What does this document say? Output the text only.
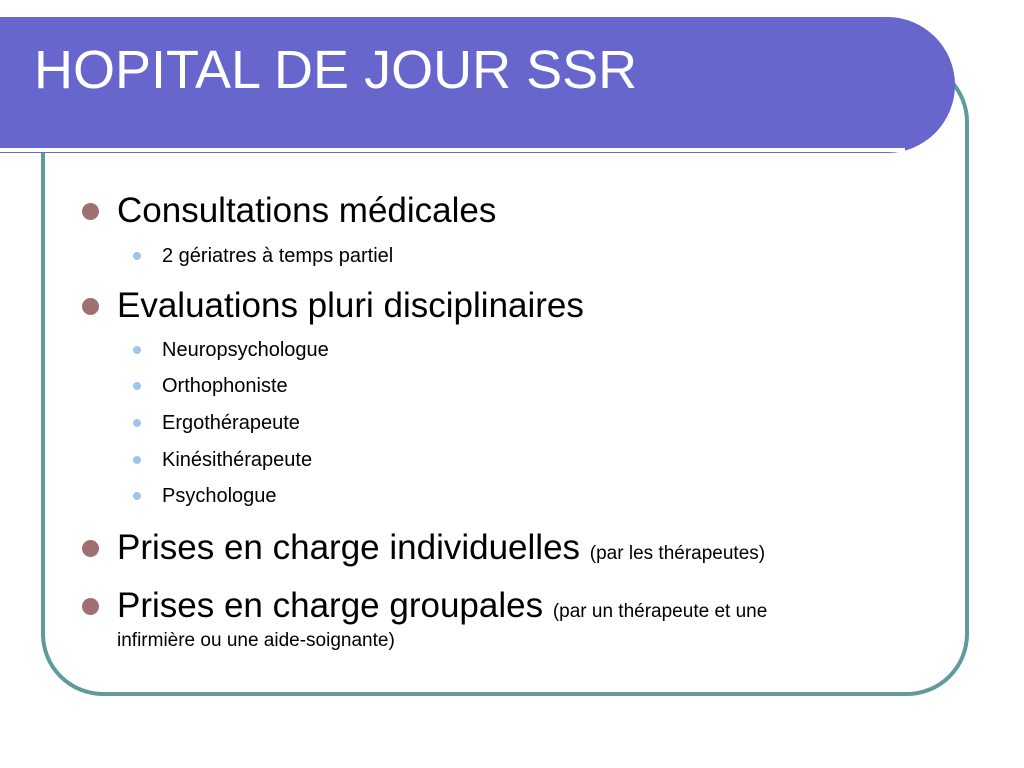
HOPITAL DE JOUR SSR
Consultations médicales
2 gériatres à temps partiel
Evaluations pluri disciplinaires
Neuropsychologue
Orthophoniste
Ergothérapeute
Kinésithérapeute
Psychologue
Prises en charge individuelles (par les thérapeutes)
Prises en charge groupales (par un thérapeute et une
infirmière ou une aide-soignante)
